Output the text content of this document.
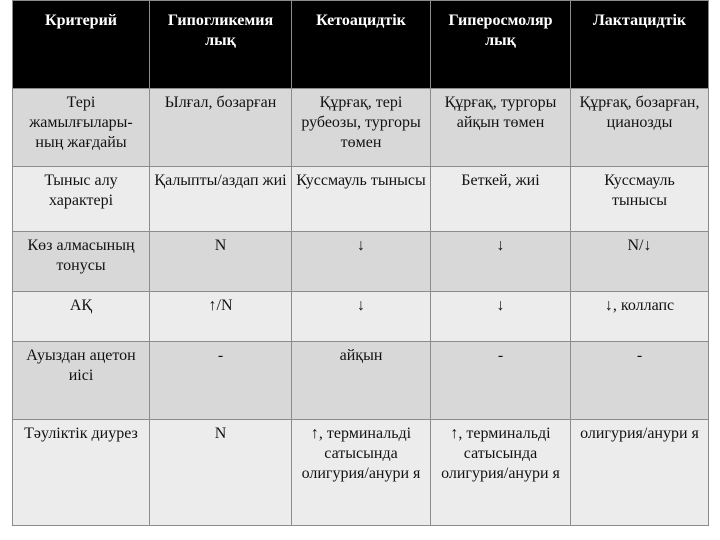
Критерий	Гипогликемия лық	Кетоацидтік	Гиперосмоляр лық	Лактацидтік
Тері жамылғылары-ның жағдайы	Ылғал, бозарған	Құрғақ, тері рубеозы, тургоры төмен	Құрғақ, тургоры айқын төмен	Құрғақ, бозарған, цианозды
Тыныс алу характері	Қалыпты/аздап жиі	Куссмауль тынысы	Беткей, жиі	Куссмауль тынысы
Көз алмасының тонусы	N	↓	↓	N/↓
АҚ	↑/N	↓	↓	↓, коллапс
Ауыздан ацетон иісі	-	айқын	-	-
Тәуліктік диурез	N	↑, терминальді сатысында олигурия/анури я	↑, терминальді сатысында олигурия/анури я	олигурия/анури я
